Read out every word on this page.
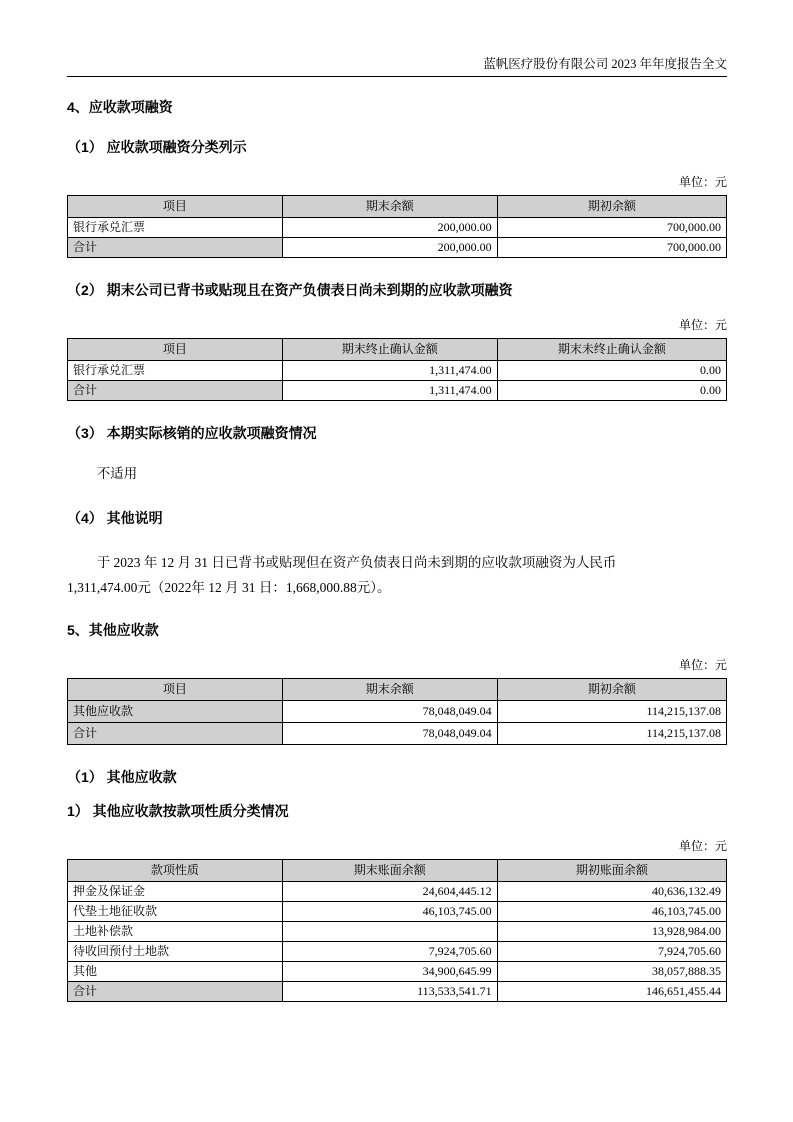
蓝帆医疗股份有限公司 2023 年年度报告全文
4、应收款项融资
（1） 应收款项融资分类列示
单位：元
项目	期末余额	期初余额
银行承兑汇票	200,000.00	700,000.00
合计	200,000.00	700,000.00
（2） 期末公司已背书或贴现且在资产负债表日尚未到期的应收款项融资
单位：元
项目	期末终止确认金额	期末未终止确认金额
银行承兑汇票	1,311,474.00	0.00
合计	1,311,474.00	0.00
（3） 本期实际核销的应收款项融资情况
不适用
（4） 其他说明
于 2023 年 12 月 31 日已背书或贴现但在资产负债表日尚未到期的应收款项融资为人民币
1,311,474.00元（2022年 12 月 31 日：1,668,000.88元）。
5、其他应收款
单位：元
项目	期末余额	期初余额
其他应收款	78,048,049.04	114,215,137.08
合计	78,048,049.04	114,215,137.08
（1） 其他应收款
1） 其他应收款按款项性质分类情况
单位：元
款项性质	期末账面余额	期初账面余额
押金及保证金	24,604,445.12	40,636,132.49
代垫土地征收款	46,103,745.00	46,103,745.00
土地补偿款		13,928,984.00
待收回预付土地款	7,924,705.60	7,924,705.60
其他	34,900,645.99	38,057,888.35
合计	113,533,541.71	146,651,455.44
